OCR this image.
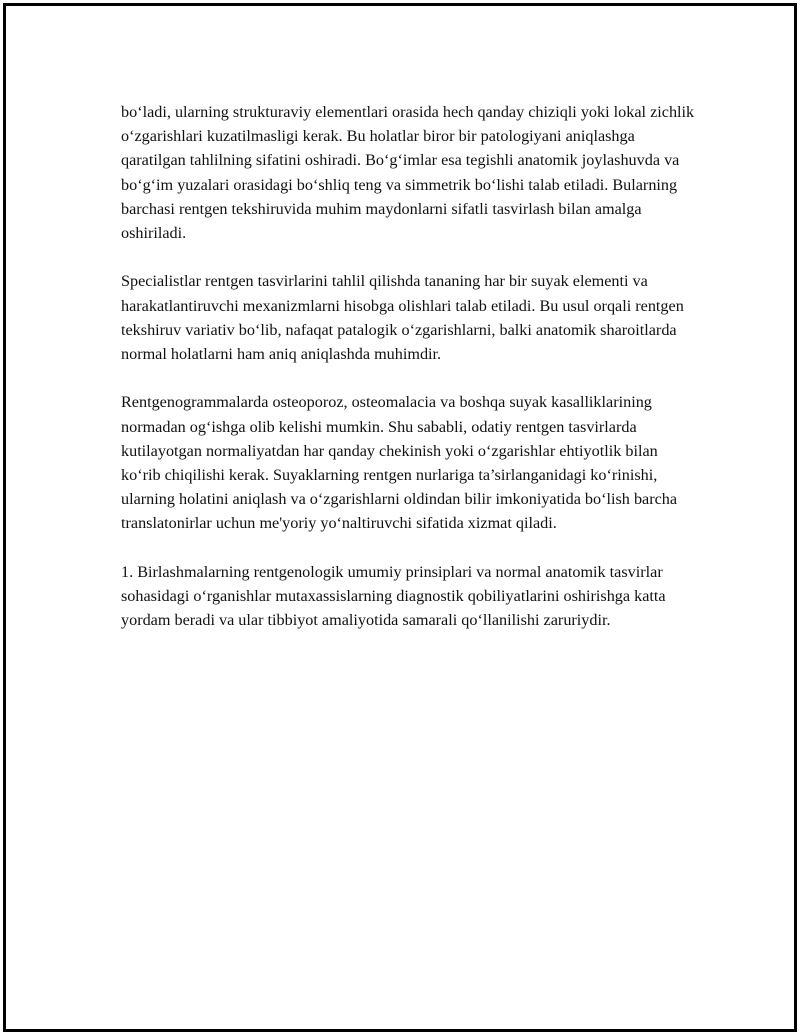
bo‘ladi, ularning strukturaviy elementlari orasida hech qanday chiziqli yoki lokal zichlik o‘zgarishlari kuzatilmasligi kerak. Bu holatlar biror bir patologiyani aniqlashga qaratilgan tahlilning sifatini oshiradi. Bo‘g‘imlar esa tegishli anatomik joylashuvda va bo‘g‘im yuzalari orasidagi bo‘shliq teng va simmetrik bo‘lishi talab etiladi. Bularning barchasi rentgen tekshiruvida muhim maydonlarni sifatli tasvirlash bilan amalga oshiriladi.

Specialistlar rentgen tasvirlarini tahlil qilishda tananing har bir suyak elementi va harakatlantiruvchi mexanizmlarni hisobga olishlari talab etiladi. Bu usul orqali rentgen tekshiruv variativ bo‘lib, nafaqat patalogik o‘zgarishlarni, balki anatomik sharoitlarda normal holatlarni ham aniq aniqlashda muhimdir.

Rentgenogrammalarda osteoporoz, osteomalacia va boshqa suyak kasalliklarining normadan og‘ishga olib kelishi mumkin. Shu sababli, odatiy rentgen tasvirlarda kutilayotgan normaliyatdan har qanday chekinish yoki o‘zgarishlar ehtiyotlik bilan ko‘rib chiqilishi kerak. Suyaklarning rentgen nurlariga ta’sirlanganidagi ko‘rinishi, ularning holatini aniqlash va o‘zgarishlarni oldindan bilir imkoniyatida bo‘lish barcha translatonirlar uchun me'yoriy yo‘naltiruvchi sifatida xizmat qiladi.

1. Birlashmalarning rentgenologik umumiy prinsiplari va normal anatomik tasvirlar sohasidagi o‘rganishlar mutaxassislarning diagnostik qobiliyatlarini oshirishga katta yordam beradi va ular tibbiyot amaliyotida samarali qo‘llanilishi zaruriydir.
